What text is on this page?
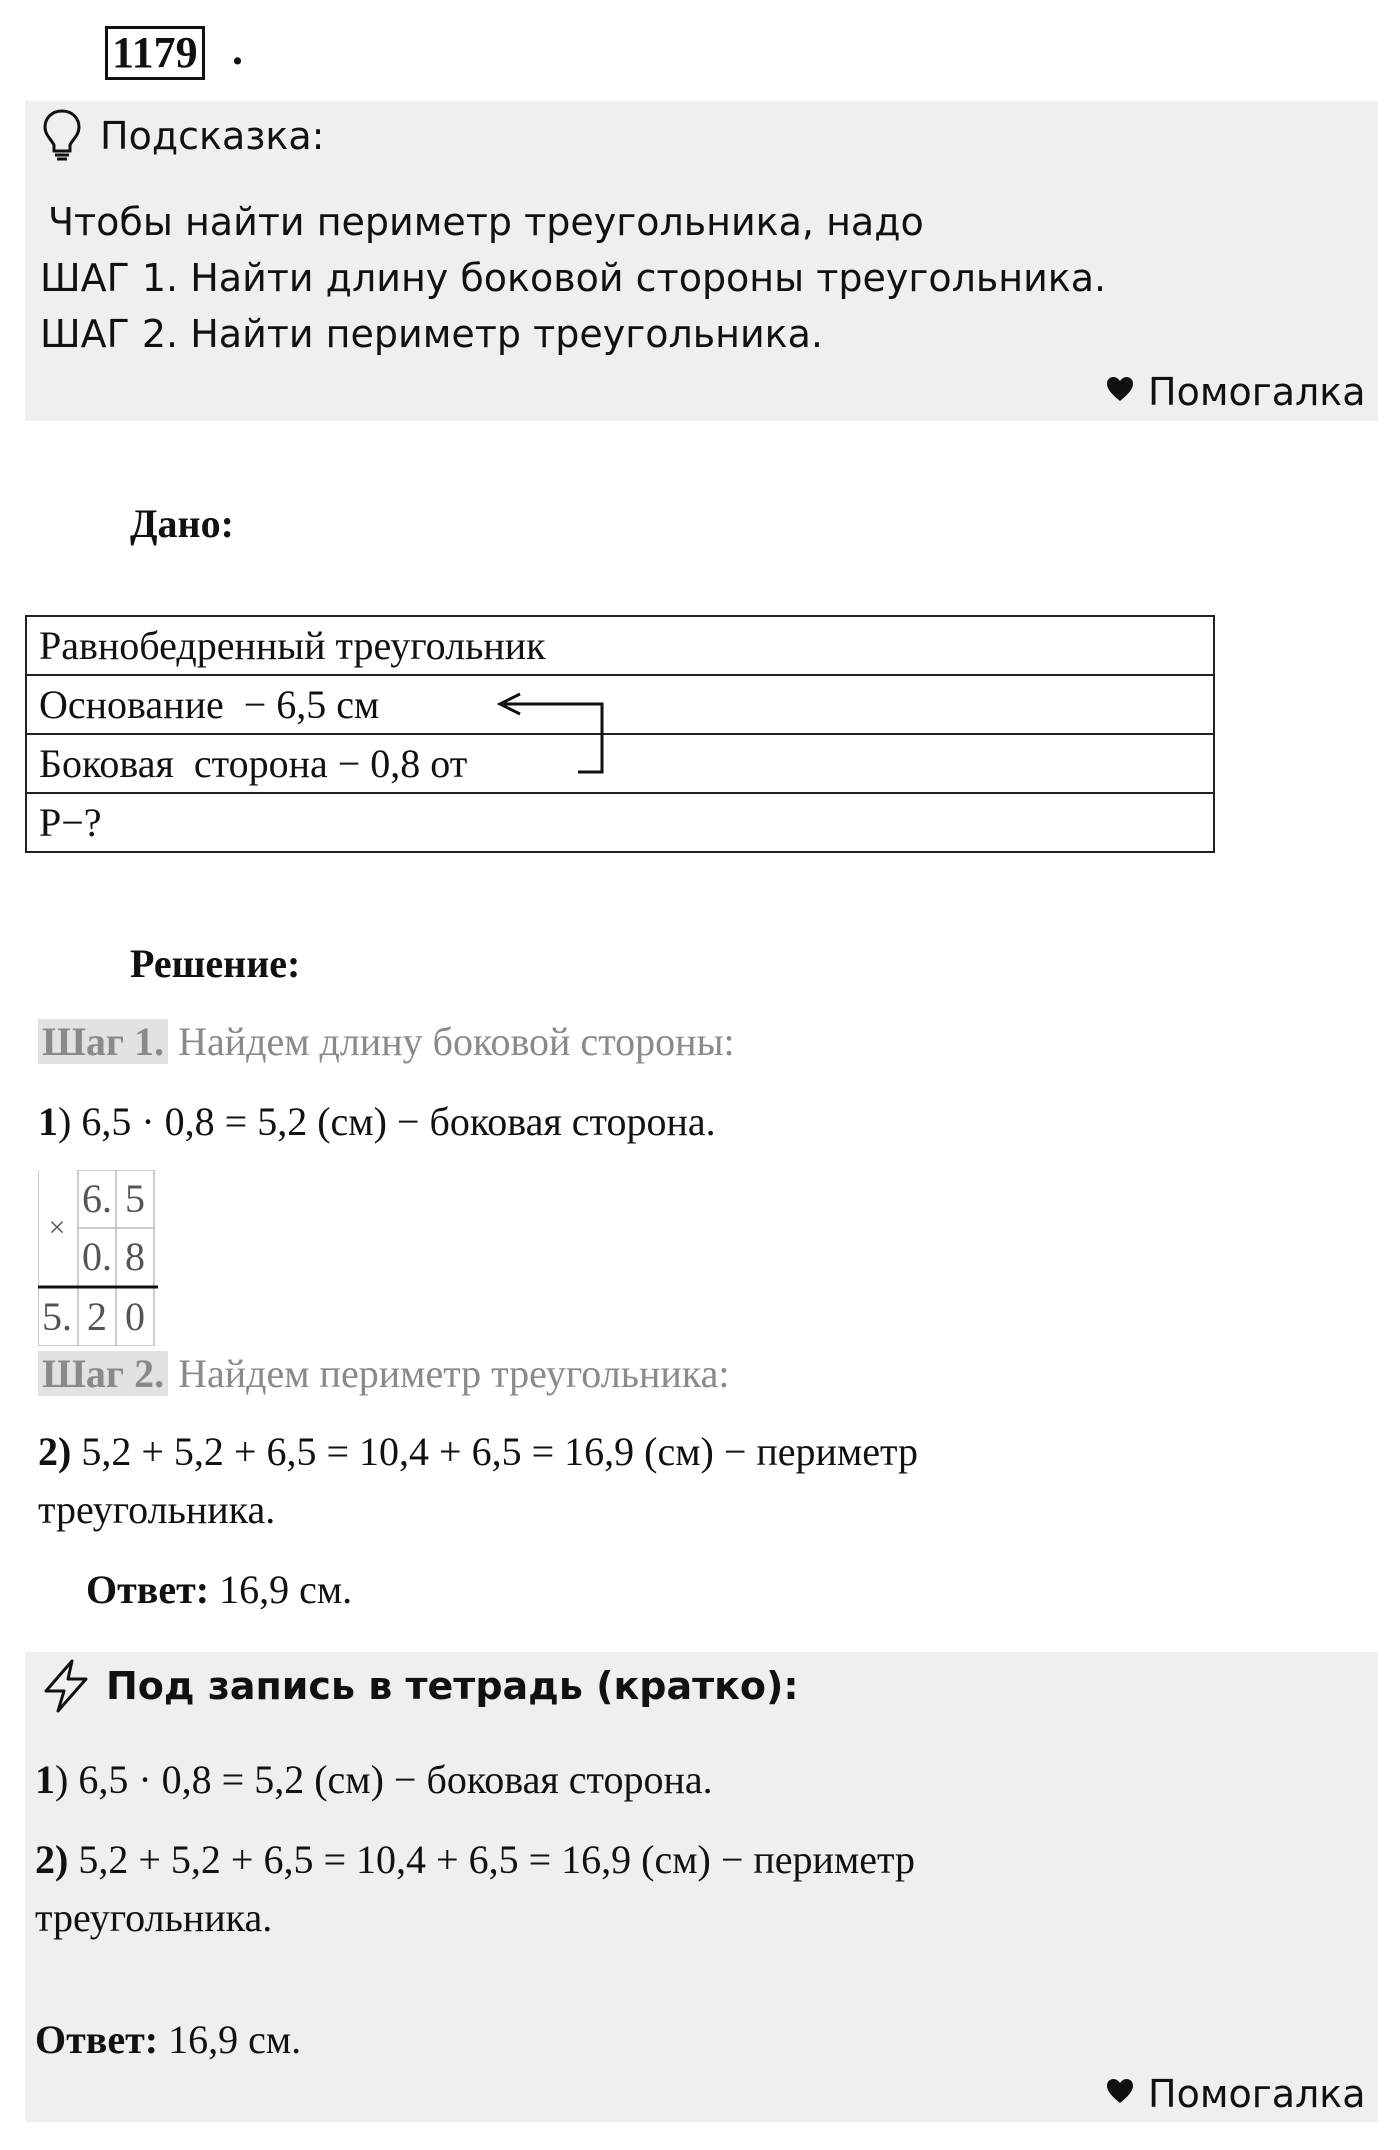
1179 .
Подсказка:
Чтобы найти периметр треугольника, надо
ШАГ 1. Найти длину боковой стороны треугольника.
ШАГ 2. Найти периметр треугольника.
Помогалка
Дано:
Равнобедренный треугольник
Основание  − 6,5 см
Боковая  сторона − 0,8 от
P−?
Решение:
Шаг 1. Найдем длину боковой стороны:
1) 6,5 · 0,8 = 5,2 (см) − боковая сторона.
×
6. 5
0. 8
5. 2 0
Шаг 2. Найдем периметр треугольника:
2) 5,2 + 5,2 + 6,5 = 10,4 + 6,5 = 16,9 (см) − периметр
треугольника.
Ответ: 16,9 см.
Под запись в тетрадь (кратко):
1) 6,5 · 0,8 = 5,2 (см) − боковая сторона.
2) 5,2 + 5,2 + 6,5 = 10,4 + 6,5 = 16,9 (см) − периметр
треугольника.
Ответ: 16,9 см.
Помогалка
